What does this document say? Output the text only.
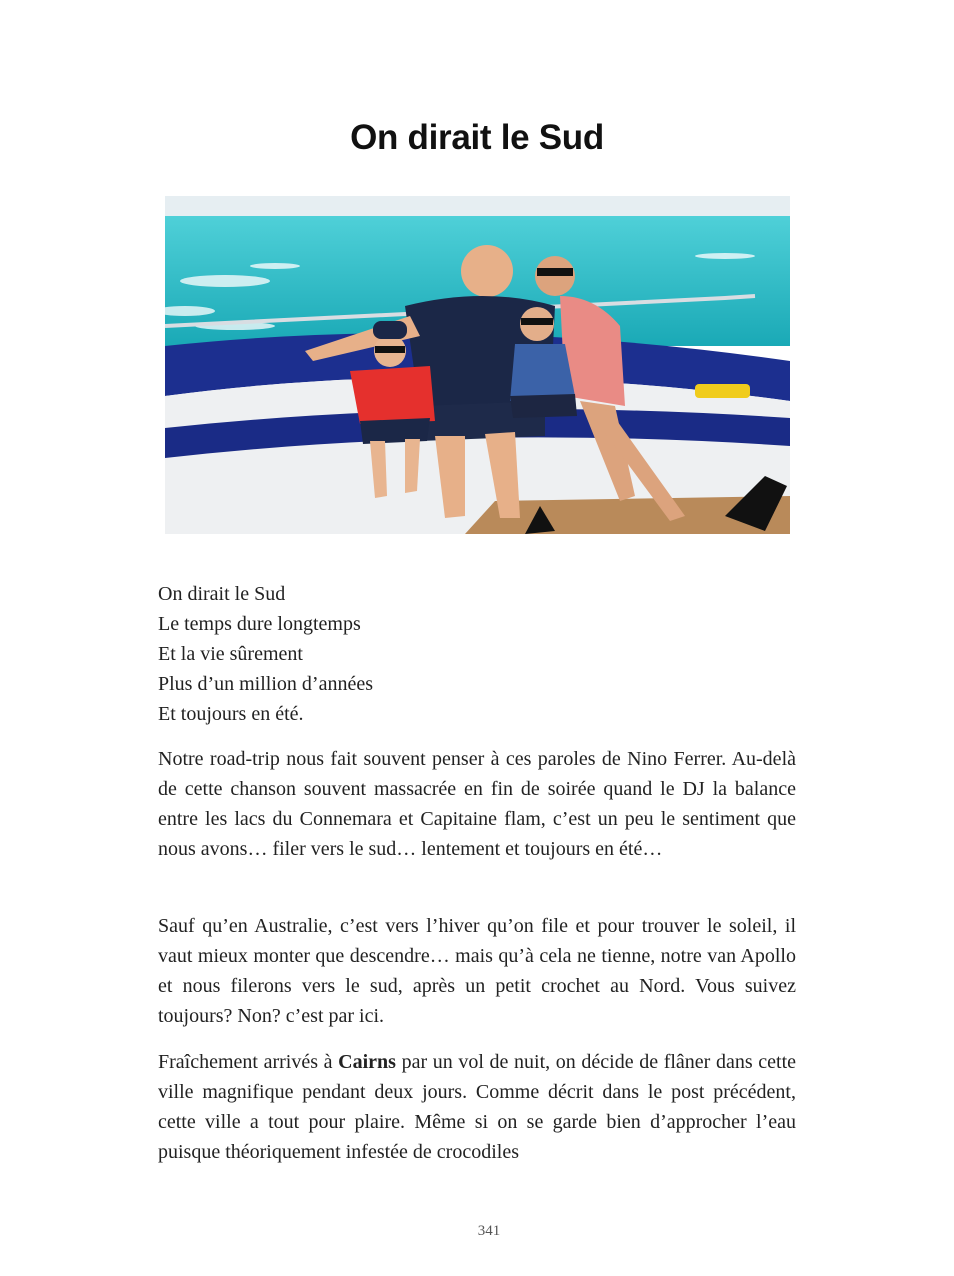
On dirait le Sud
On dirait le Sud
Le temps dure longtemps
Et la vie sûrement
Plus d’un million d’années
Et toujours en été.

Notre road-trip nous fait souvent penser à ces paroles de Nino Ferrer. Au-delà de cette chanson souvent massacrée en fin de soirée quand le DJ la balance entre les lacs du Connemara et Capitaine flam, c’est un peu le sentiment que nous avons… filer vers le sud… lentement et toujours en été…

Sauf qu’en Australie, c’est vers l’hiver qu’on file et pour trouver le soleil, il vaut mieux monter que descendre… mais qu’à cela ne tienne, notre van Apollo et nous filerons vers le sud, après un petit crochet au Nord. Vous suivez toujours? Non? c’est par ici.

Fraîchement arrivés à Cairns par un vol de nuit, on décide de flâner dans cette ville magnifique pendant deux jours. Comme décrit dans le post précédent, cette ville a tout pour plaire. Même si on se garde bien d’approcher l’eau puisque théoriquement infestée de crocodiles

341
